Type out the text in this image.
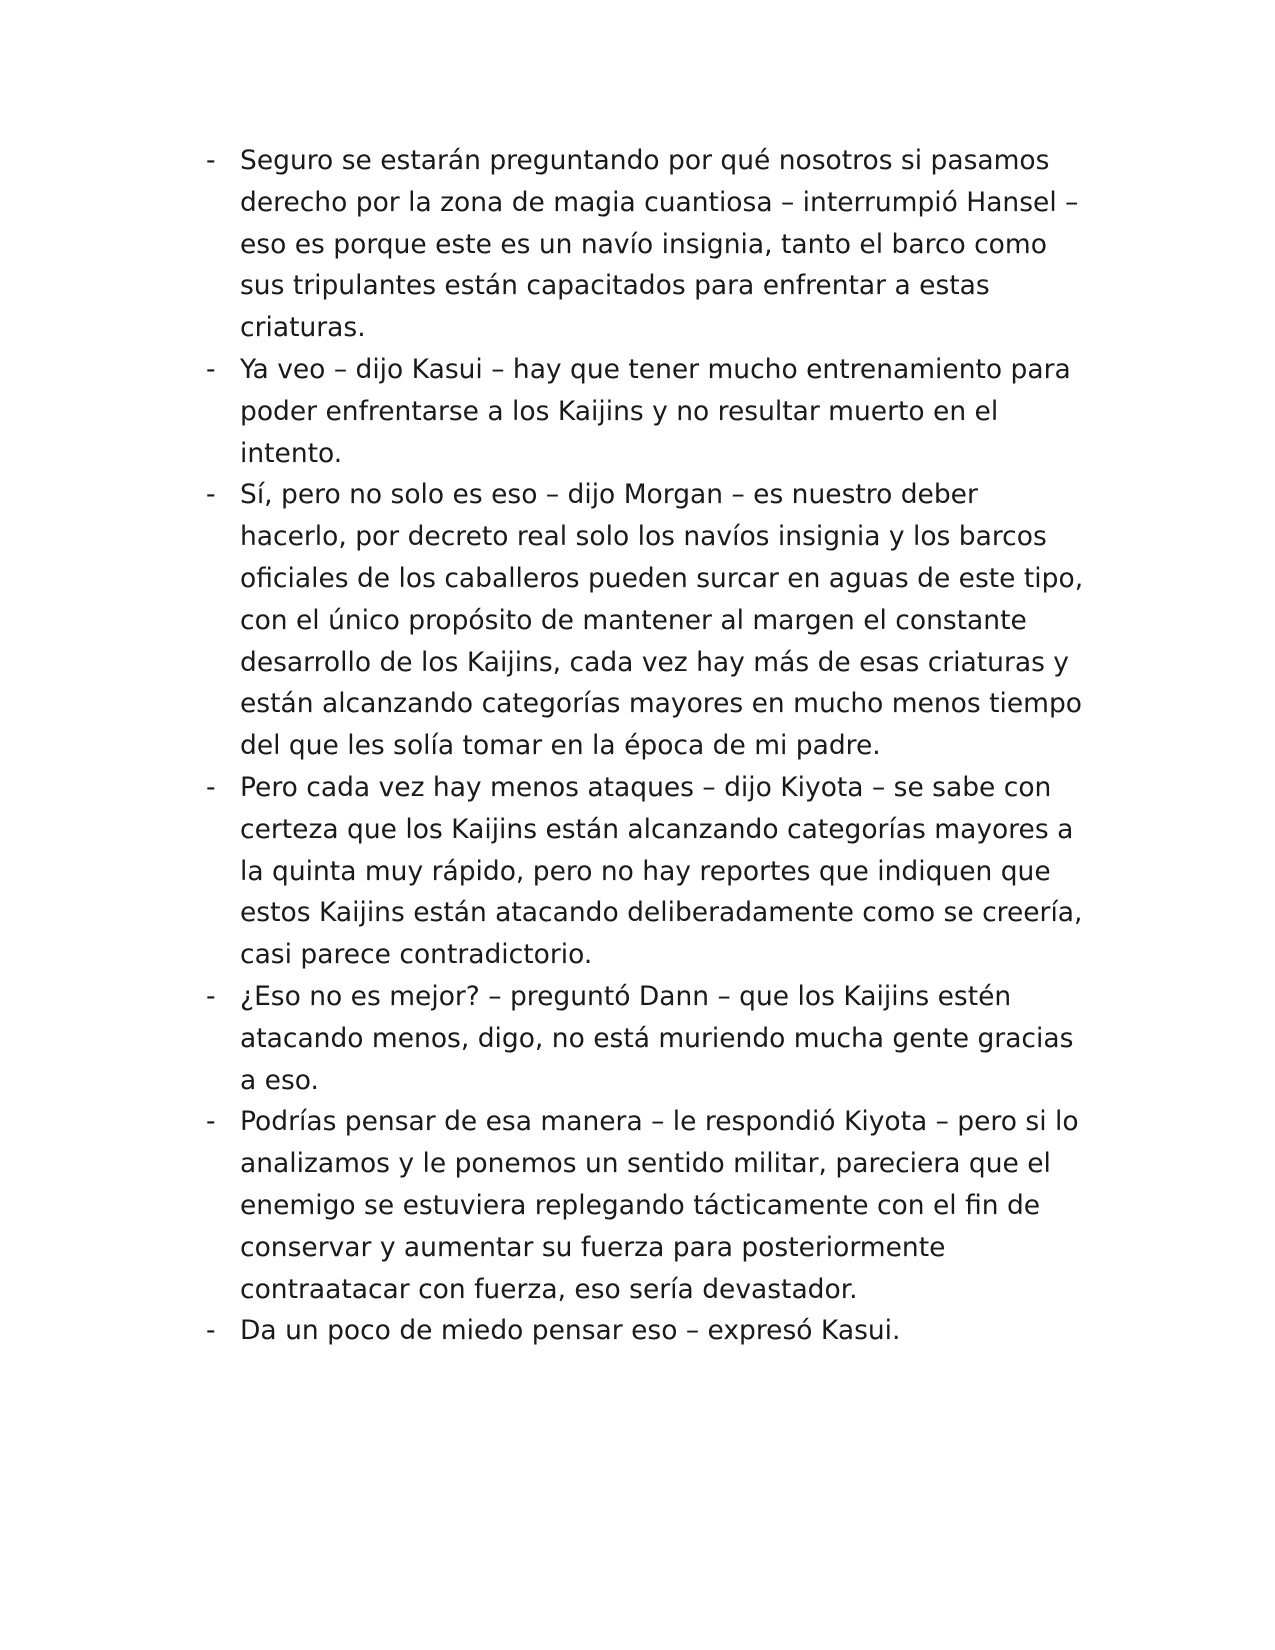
- Seguro se estarán preguntando por qué nosotros si pasamos derecho por la zona de magia cuantiosa – interrumpió Hansel – eso es porque este es un navío insignia, tanto el barco como sus tripulantes están capacitados para enfrentar a estas criaturas.
- Ya veo – dijo Kasui – hay que tener mucho entrenamiento para poder enfrentarse a los Kaijins y no resultar muerto en el intento.
- Sí, pero no solo es eso – dijo Morgan – es nuestro deber hacerlo, por decreto real solo los navíos insignia y los barcos oficiales de los caballeros pueden surcar en aguas de este tipo, con el único propósito de mantener al margen el constante desarrollo de los Kaijins, cada vez hay más de esas criaturas y están alcanzando categorías mayores en mucho menos tiempo del que les solía tomar en la época de mi padre.
- Pero cada vez hay menos ataques – dijo Kiyota – se sabe con certeza que los Kaijins están alcanzando categorías mayores a la quinta muy rápido, pero no hay reportes que indiquen que estos Kaijins están atacando deliberadamente como se creería, casi parece contradictorio.
- ¿Eso no es mejor? – preguntó Dann – que los Kaijins estén atacando menos, digo, no está muriendo mucha gente gracias a eso.
- Podrías pensar de esa manera – le respondió Kiyota – pero si lo analizamos y le ponemos un sentido militar, pareciera que el enemigo se estuviera replegando tácticamente con el fin de conservar y aumentar su fuerza para posteriormente contraatacar con fuerza, eso sería devastador.
- Da un poco de miedo pensar eso – expresó Kasui.
